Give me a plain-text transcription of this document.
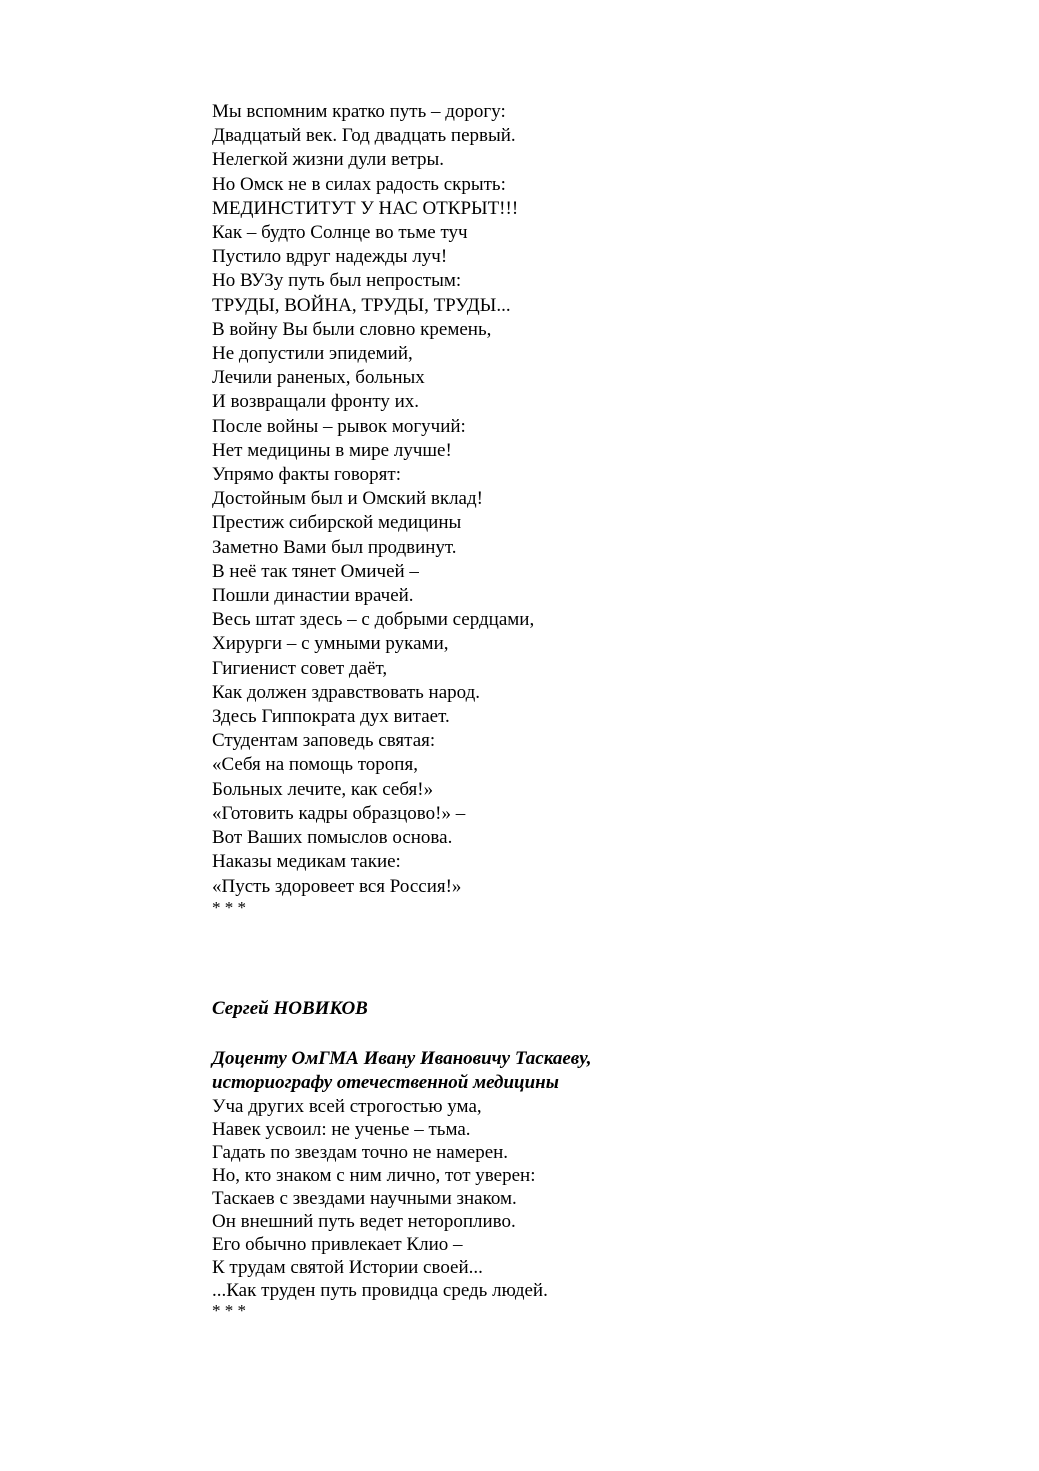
Мы вспомним кратко путь – дорогу:
Двадцатый век. Год двадцать первый.
Нелегкой жизни дули ветры.
Но Омск не в силах радость скрыть:
МЕДИНСТИТУТ У НАС ОТКРЫТ!!!
Как – будто Солнце во тьме туч
Пустило вдруг надежды луч!
Но ВУЗу путь был непростым:
ТРУДЫ, ВОЙНА, ТРУДЫ, ТРУДЫ...
В войну Вы были словно кремень,
Не допустили эпидемий,
Лечили раненых, больных
И возвращали фронту их.
После войны – рывок могучий:
Нет медицины в мире лучше!
Упрямо факты говорят:
Достойным был и Омский вклад!
Престиж сибирской медицины
Заметно Вами был продвинут.
В неё так тянет Омичей –
Пошли династии врачей.
Весь штат здесь – с добрыми сердцами,
Хирурги – с умными руками,
Гигиенист совет даёт,
Как должен здравствовать народ.
Здесь Гиппократа дух витает.
Студентам заповедь святая:
«Себя на помощь торопя,
Больных лечите, как себя!»
«Готовить кадры образцово!» –
Вот Ваших помыслов основа.
Наказы медикам такие:
«Пусть здоровеет вся Россия!»
* * *
Сергей НОВИКОВ
Доценту ОмГМА Ивану Ивановичу Таскаеву,
историографу отечественной медицины
Уча других всей строгостью ума,
Навек усвоил: не ученье – тьма.
Гадать по звездам точно не намерен.
Но, кто знаком с ним лично, тот уверен:
Таскаев с звездами научными знаком.
Он внешний путь ведет неторопливо.
Его обычно привлекает Клио –
К трудам святой Истории своей...
...Как труден путь провидца средь людей.
* * *
